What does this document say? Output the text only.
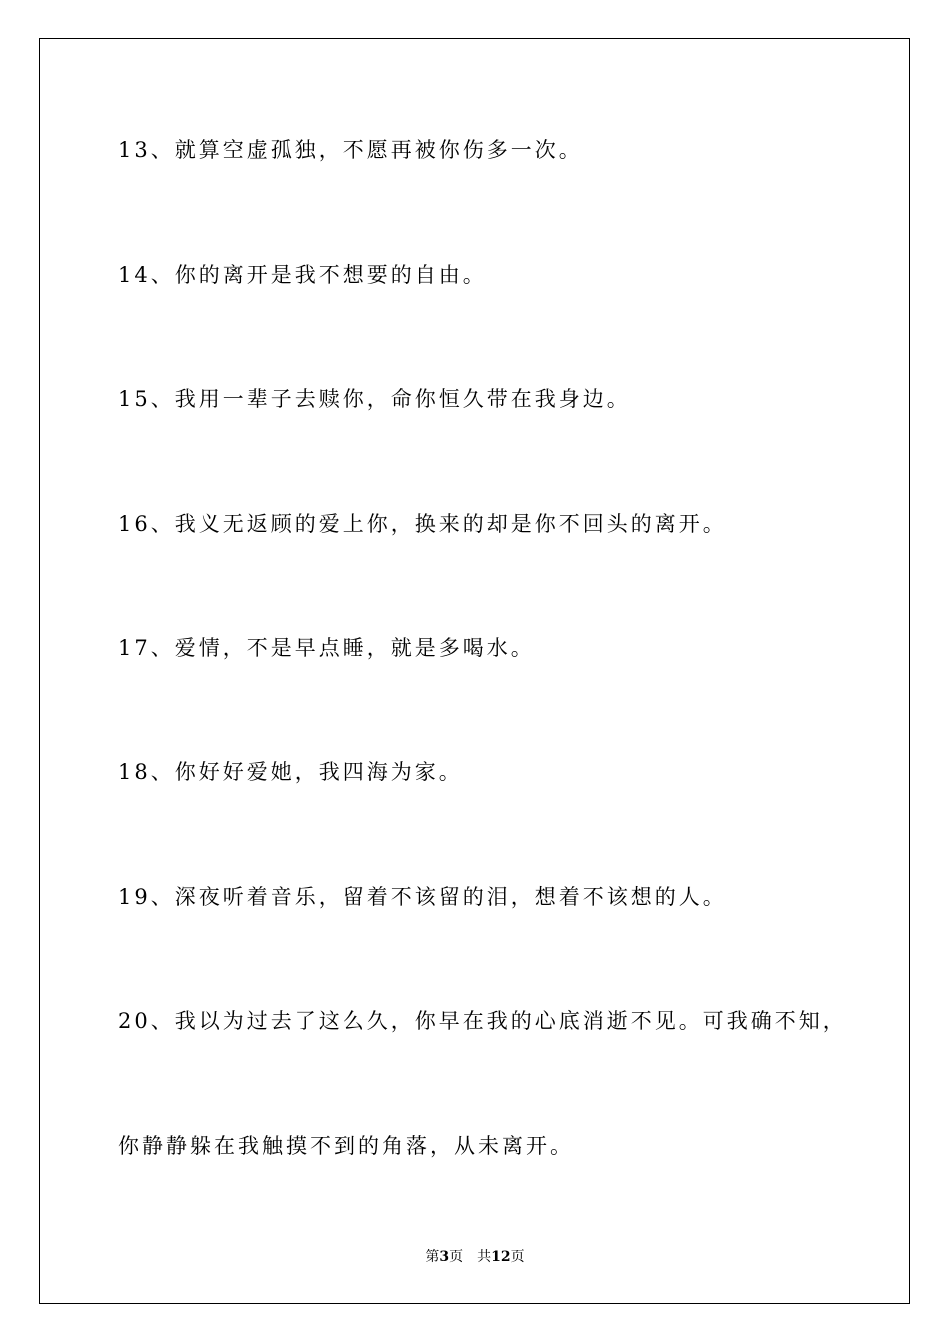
13、就算空虚孤独，不愿再被你伤多一次。
14、你的离开是我不想要的自由。
15、我用一辈子去赎你，命你恒久带在我身边。
16、我义无返顾的爱上你，换来的却是你不回头的离开。
17、爱情，不是早点睡，就是多喝水。
18、你好好爱她，我四海为家。
19、深夜听着音乐，留着不该留的泪，想着不该想的人。
20、我以为过去了这么久，你早在我的心底消逝不见。可我确不知，
你静静躲在我触摸不到的角落，从未离开。
第3页 共12页
